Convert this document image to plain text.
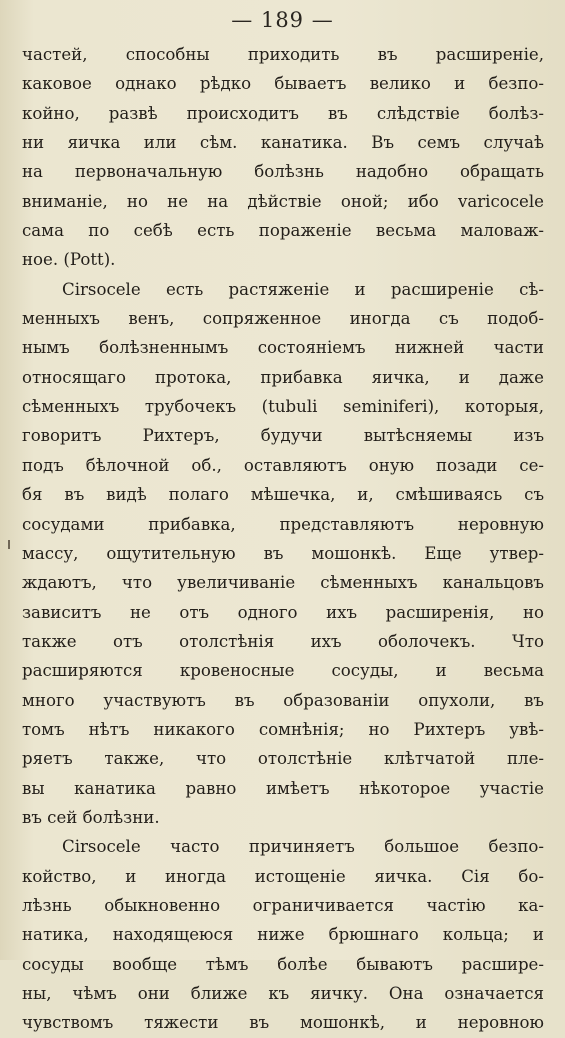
— 189 —
частей, способны приходить въ расширеніе,
каковое однако рѣдко бываетъ велико и безпо-
койно, развѣ происходитъ въ слѣдствіе болѣз-
ни яичка или сѣм. канатика. Въ семъ случаѣ
на первоначальную болѣзнь надобно обращать
вниманіе, но не на дѣйствіе оной; ибо varicocele
сама по себѣ есть пораженіе весьма маловаж-
ное. (Pott).
Cirsocele есть растяженіе и расширеніе сѣ-
менныхъ венъ, сопряженное иногда съ подоб-
нымъ болѣзненнымъ состояніемъ нижней части
относящаго протока, прибавка яичка, и даже
сѣменныхъ трубочекъ (tubuli seminiferi), которыя,
говоритъ Рихтеръ, будучи вытѣсняемы изъ
подъ бѣлочной об., оставляютъ оную позади се-
бя въ видѣ полаго мѣшечка, и, смѣшиваясь съ
сосудами прибавка, представляютъ неровную
массу, ощутительную въ мошонкѣ. Еще утвер-
ждаютъ, что увеличиваніе сѣменныхъ канальцовъ
зависитъ не отъ одного ихъ расширенія, но
также отъ отолстѣнія ихъ оболочекъ. Что
расширяются кровеносные сосуды, и весьма
много участвуютъ въ образованіи опухоли, въ
томъ нѣтъ никакого сомнѣнія; но Рихтеръ увѣ-
ряетъ также, что отолстѣніе клѣтчатой пле-
вы канатика равно имѣетъ нѣкоторое участіе
въ сей болѣзни.
Cirsocele часто причиняетъ большое безпо-
койство, и иногда истощеніе яичка. Сія бо-
лѣзнь обыкновенно ограничивается частію ка-
натика, находящеюся ниже брюшнаго кольца; и
сосуды вообще тѣмъ болѣе бываютъ расшире-
ны, чѣмъ они ближе къ яичку. Она означается
чувствомъ тяжести въ мошонкѣ, и неровною
